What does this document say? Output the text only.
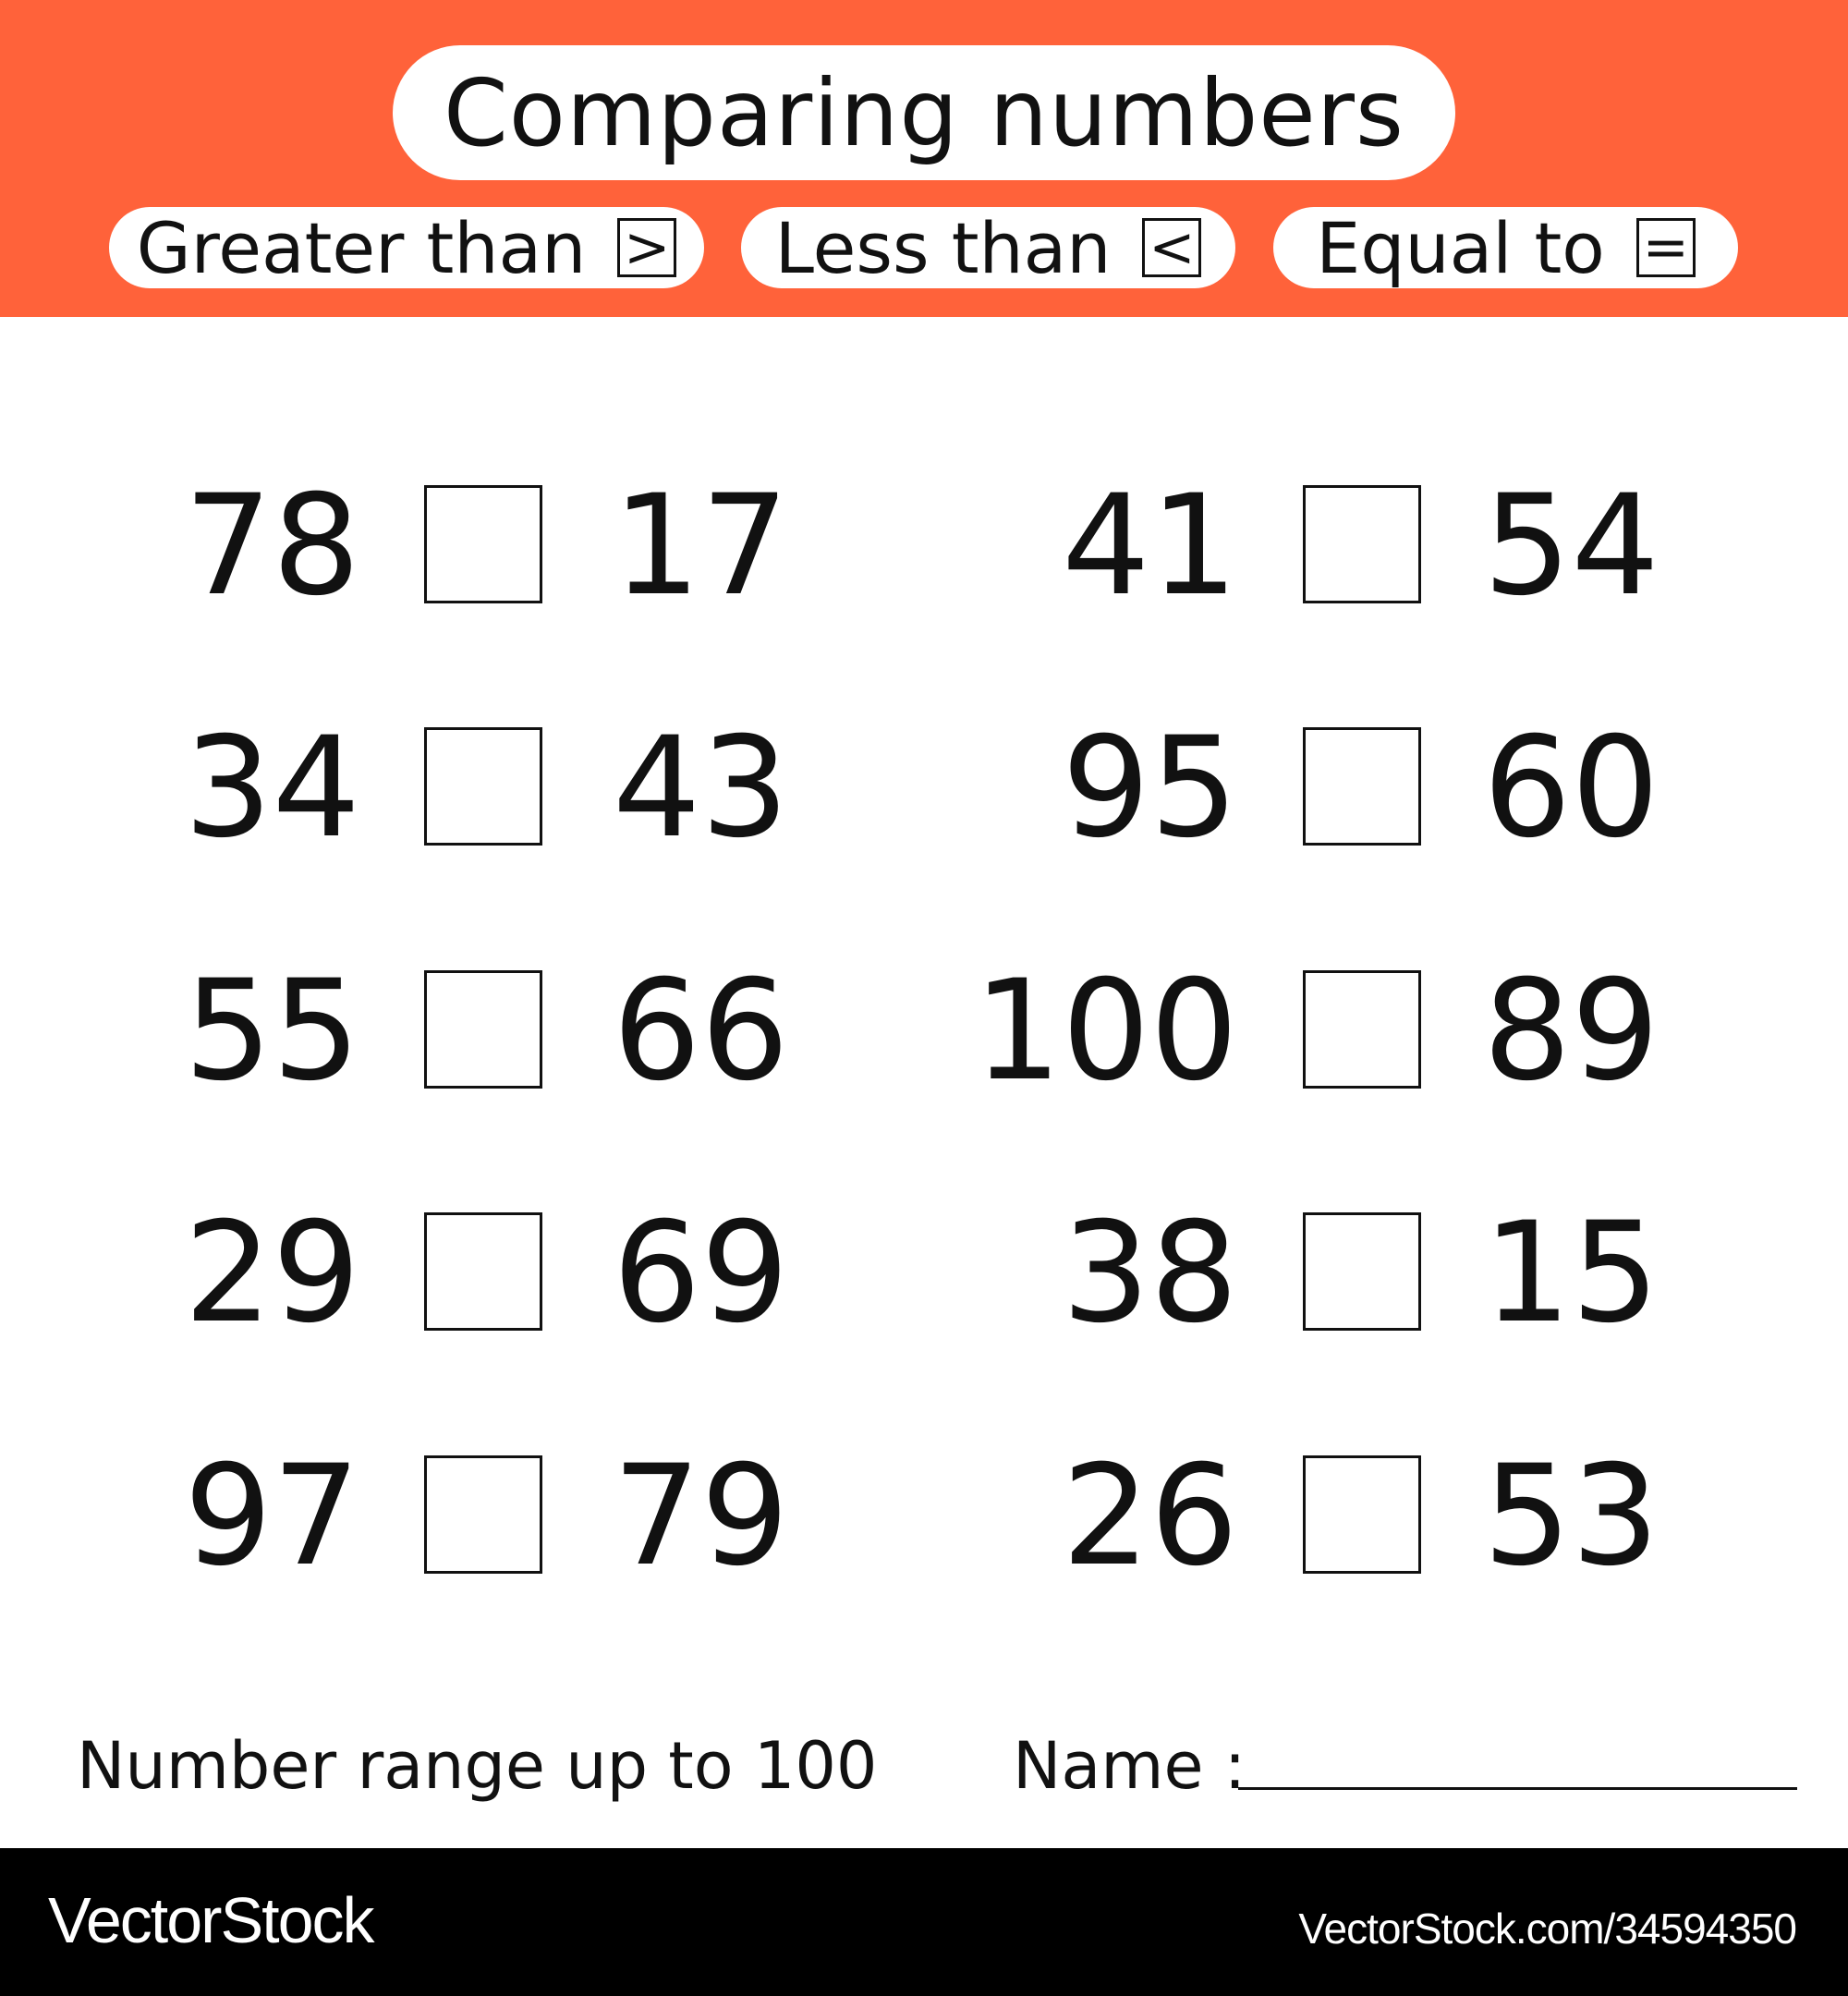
Comparing numbers
Greater than > Less than < Equal to =
78 17
34 43
55 66
29 69
97 79
41 54
95 60
100 89
38 15
26 53
Number range up to 100 Name :
VectorStock	VectorStock.com/34594350
